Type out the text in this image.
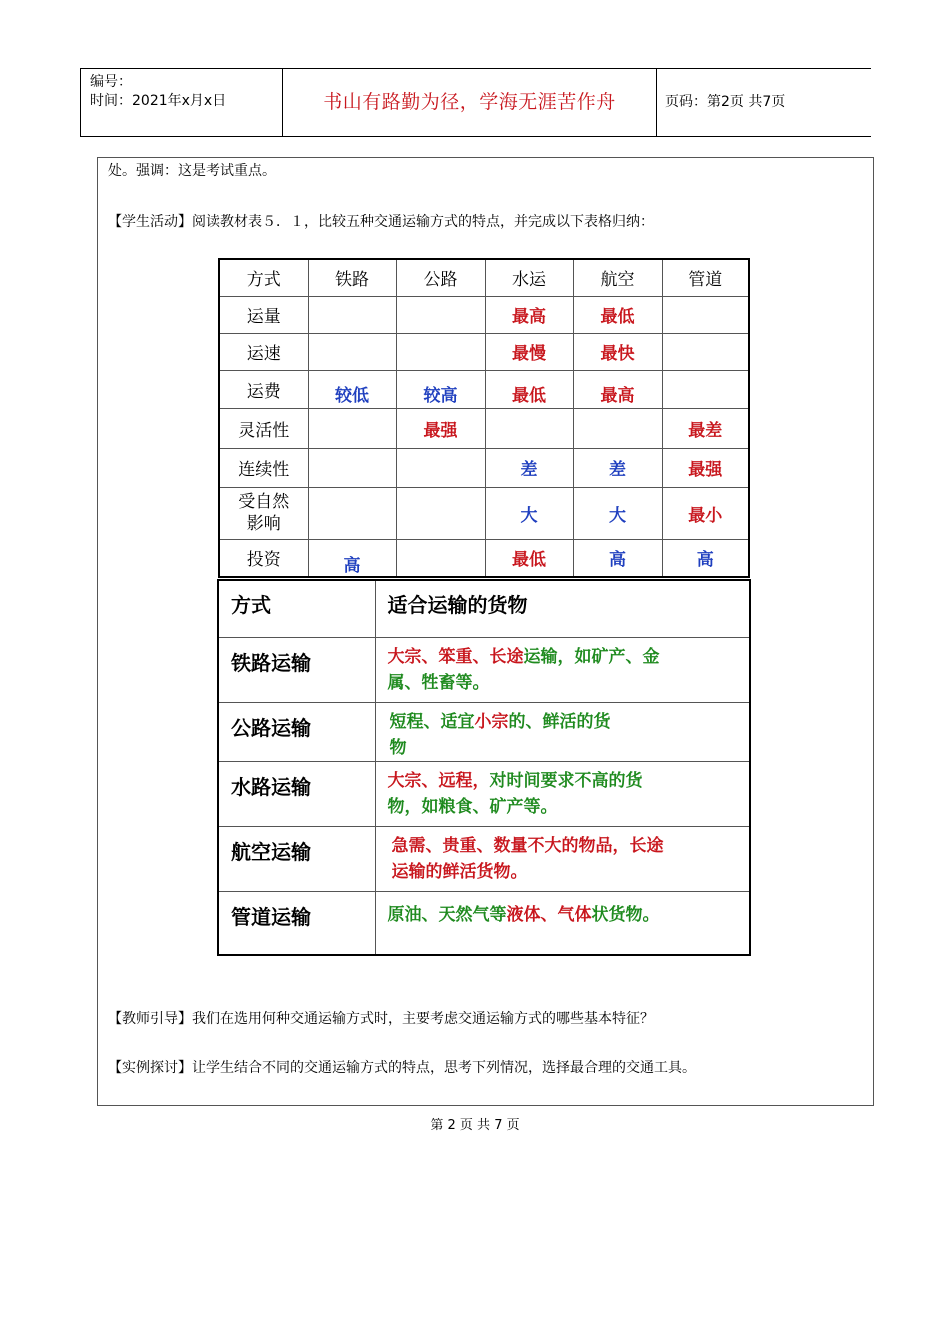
编号：
时间：2021年x月x日	书山有路勤为径，学海无涯苦作舟	页码：第2页 共7页
处。强调：这是考试重点。
【学生活动】阅读教材表５．１，比较五种交通运输方式的特点，并完成以下表格归纳：
方式	铁路	公路	水运	航空	管道
运量			最高	最低	
运速			最慢	最快	
运费	较低	较高	最低	最高	
灵活性		最强			最差
连续性			差	差	最强
受自然
影响			大	大	最小
投资	高		最低	高	高
方式	适合运输的货物
铁路运输	大宗、笨重、长途运输，如矿产、金
属、牲畜等。
公路运输	短程、适宜小宗的、鲜活的货
物
水路运输	大宗、远程，对时间要求不高的货
物，如粮食、矿产等。
航空运输	急需、贵重、数量不大的物品，长途
运输的鲜活货物。
管道运输	原油、天然气等液体、气体状货物。
【教师引导】我们在选用何种交通运输方式时，主要考虑交通运输方式的哪些基本特征？
【实例探讨】让学生结合不同的交通运输方式的特点，思考下列情况，选择最合理的交通工具。
第 2 页 共 7 页
